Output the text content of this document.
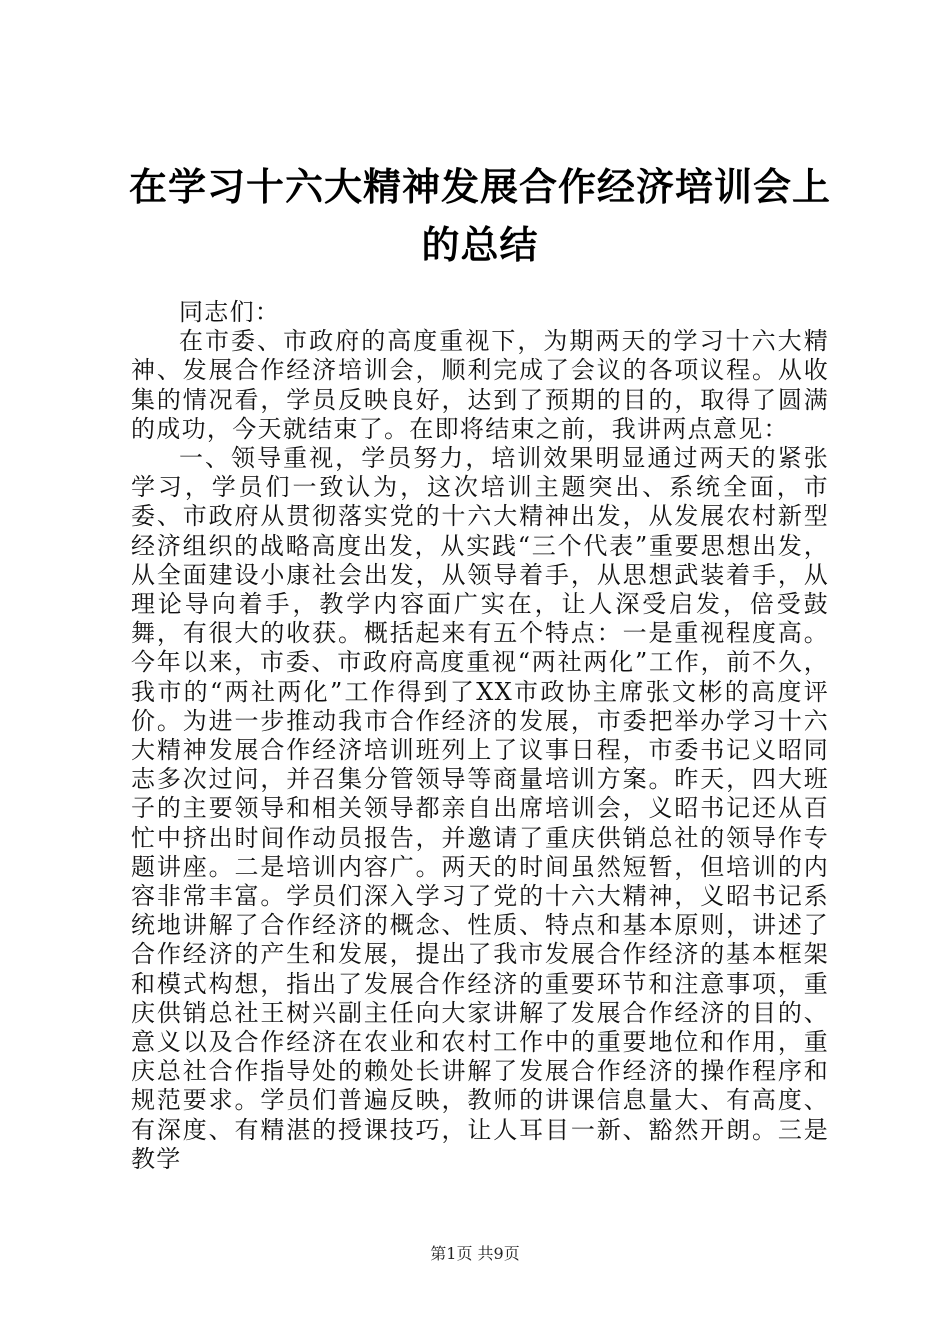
在学习十六大精神发展合作经济培训会上的总结

同志们：

在市委、市政府的高度重视下，为期两天的学习十六大精神、发展合作经济培训会，顺利完成了会议的各项议程。从收集的情况看，学员反映良好，达到了预期的目的，取得了圆满的成功，今天就结束了。在即将结束之前，我讲两点意见：

一、领导重视，学员努力，培训效果明显通过两天的紧张学习，学员们一致认为，这次培训主题突出、系统全面，市委、市政府从贯彻落实党的十六大精神出发，从发展农村新型经济组织的战略高度出发，从实践“三个代表”重要思想出发，从全面建设小康社会出发，从领导着手，从思想武装着手，从理论导向着手，教学内容面广实在，让人深受启发，倍受鼓舞，有很大的收获。概括起来有五个特点：一是重视程度高。今年以来，市委、市政府高度重视“两社两化”工作，前不久，我市的“两社两化”工作得到了XX市政协主席张文彬的高度评价。为进一步推动我市合作经济的发展，市委把举办学习十六大精神发展合作经济培训班列上了议事日程，市委书记义昭同志多次过问，并召集分管领导等商量培训方案。昨天，四大班子的主要领导和相关领导都亲自出席培训会，义昭书记还从百忙中挤出时间作动员报告，并邀请了重庆供销总社的领导作专题讲座。二是培训内容广。两天的时间虽然短暂，但培训的内容非常丰富。学员们深入学习了党的十六大精神，义昭书记系统地讲解了合作经济的概念、性质、特点和基本原则，讲述了合作经济的产生和发展，提出了我市发展合作经济的基本框架和模式构想，指出了发展合作经济的重要环节和注意事项，重庆供销总社王树兴副主任向大家讲解了发展合作经济的目的、意义以及合作经济在农业和农村工作中的重要地位和作用，重庆总社合作指导处的赖处长讲解了发展合作经济的操作程序和规范要求。学员们普遍反映，教师的讲课信息量大、有高度、有深度、有精湛的授课技巧，让人耳目一新、豁然开朗。三是教学

第1页 共9页
